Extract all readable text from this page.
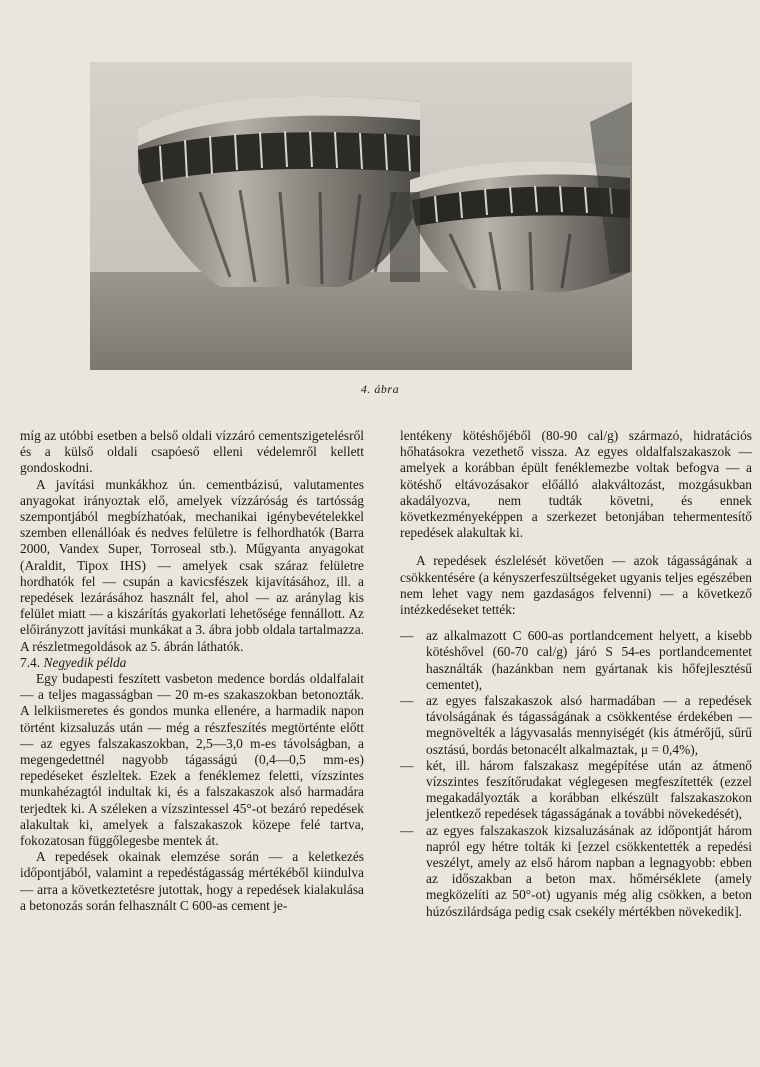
4. ábra

míg az utóbbi esetben a belső oldali vízzáró cementszigetelésről és a külső oldali csapóeső elleni védelemről kellett gondoskodni.

A javítási munkákhoz ún. cementbázisú, valutamentes anyagokat irányoztak elő, amelyek vízzáróság és tartósság szempontjából megbízhatóak, mechanikai igénybevételekkel szemben ellenállóak és nedves felületre is felhordhatók (Barra 2000, Vandex Super, Torroseal stb.). Műgyanta anyagokat (Araldit, Tipox IHS) — amelyek csak száraz felületre hordhatók fel — csupán a kavicsfészek kijavításához, ill. a repedések lezárásához használt fel, ahol — az aránylag kis felület miatt — a kiszárítás gyakorlati lehetősége fennállott. Az előirányzott javítási munkákat a 3. ábra jobb oldala tartalmazza. A részletmegoldások az 5. ábrán láthatók.

7.4. Negyedik példa

Egy budapesti feszített vasbeton medence bordás oldalfalait — a teljes magasságban — 20 m-es szakaszokban betonozták. A lelkiismeretes és gondos munka ellenére, a harmadik napon történt kizsaluzás után — még a részfeszítés megtörténte előtt — az egyes falszakaszokban, 2,5—3,0 m-es távolságban, a megengedettnél nagyobb tágasságú (0,4—0,5 mm-es) repedéseket észleltek. Ezek a fenéklemez feletti, vízszintes munkahézagtól indultak ki, és a falszakaszok alsó harmadára terjedtek ki. A széleken a vízszintessel 45°-ot bezáró repedések alakultak ki, amelyek a falszakaszok közepe felé tartva, fokozatosan függőlegesbe mentek át.

A repedések okainak elemzése során — a keletkezés időpontjából, valamint a repedéstágasság mértékéből kiindulva — arra a következtetésre jutottak, hogy a repedések kialakulása a betonozás során felhasznált C 600-as cement je-

lentékeny kötéshőjéből (80-90 cal/g) származó, hidratációs hőhatásokra vezethető vissza. Az egyes oldalfalszakaszok — amelyek a korábban épült fenéklemezbe voltak befogva — a kötéshő eltávozásakor előálló alakváltozást, mozgásukban akadályozva, nem tudták követni, és ennek következményeképpen a szerkezet betonjában tehermentesítő repedések alakultak ki.

A repedések észlelését követően — azok tágasságának a csökkentésére (a kényszerfeszültségeket ugyanis teljes egészében nem lehet vagy nem gazdaságos felvenni) — a következő intézkedéseket tették:

— az alkalmazott C 600-as portlandcement helyett, a kisebb kötéshővel (60-70 cal/g) járó S 54-es portlandcementet használták (hazánkban nem gyártanak kis hőfejlesztésű cementet),
— az egyes falszakaszok alsó harmadában — a repedések távolságának és tágasságának a csökkentése érdekében — megnövelték a lágyvasalás mennyiségét (kis átmérőjű, sűrű osztású, bordás betonacélt alkalmaztak, μ = 0,4%),
— két, ill. három falszakasz megépítése után az átmenő vízszintes feszítőrudakat véglegesen megfeszítették (ezzel megakadályozták a korábban elkészült falszakaszokon jelentkező repedések tágasságának a további növekedését),
— az egyes falszakaszok kizsaluzásának az időpontját három napról egy hétre tolták ki [ezzel csökkentették a repedési veszélyt, amely az első három napban a legnagyobb: ebben az időszakban a beton max. hőmérséklete (amely megközelíti az 50°-ot) ugyanis még alig csökken, a beton húzószilárdsága pedig csak csekély mértékben növekedik].
